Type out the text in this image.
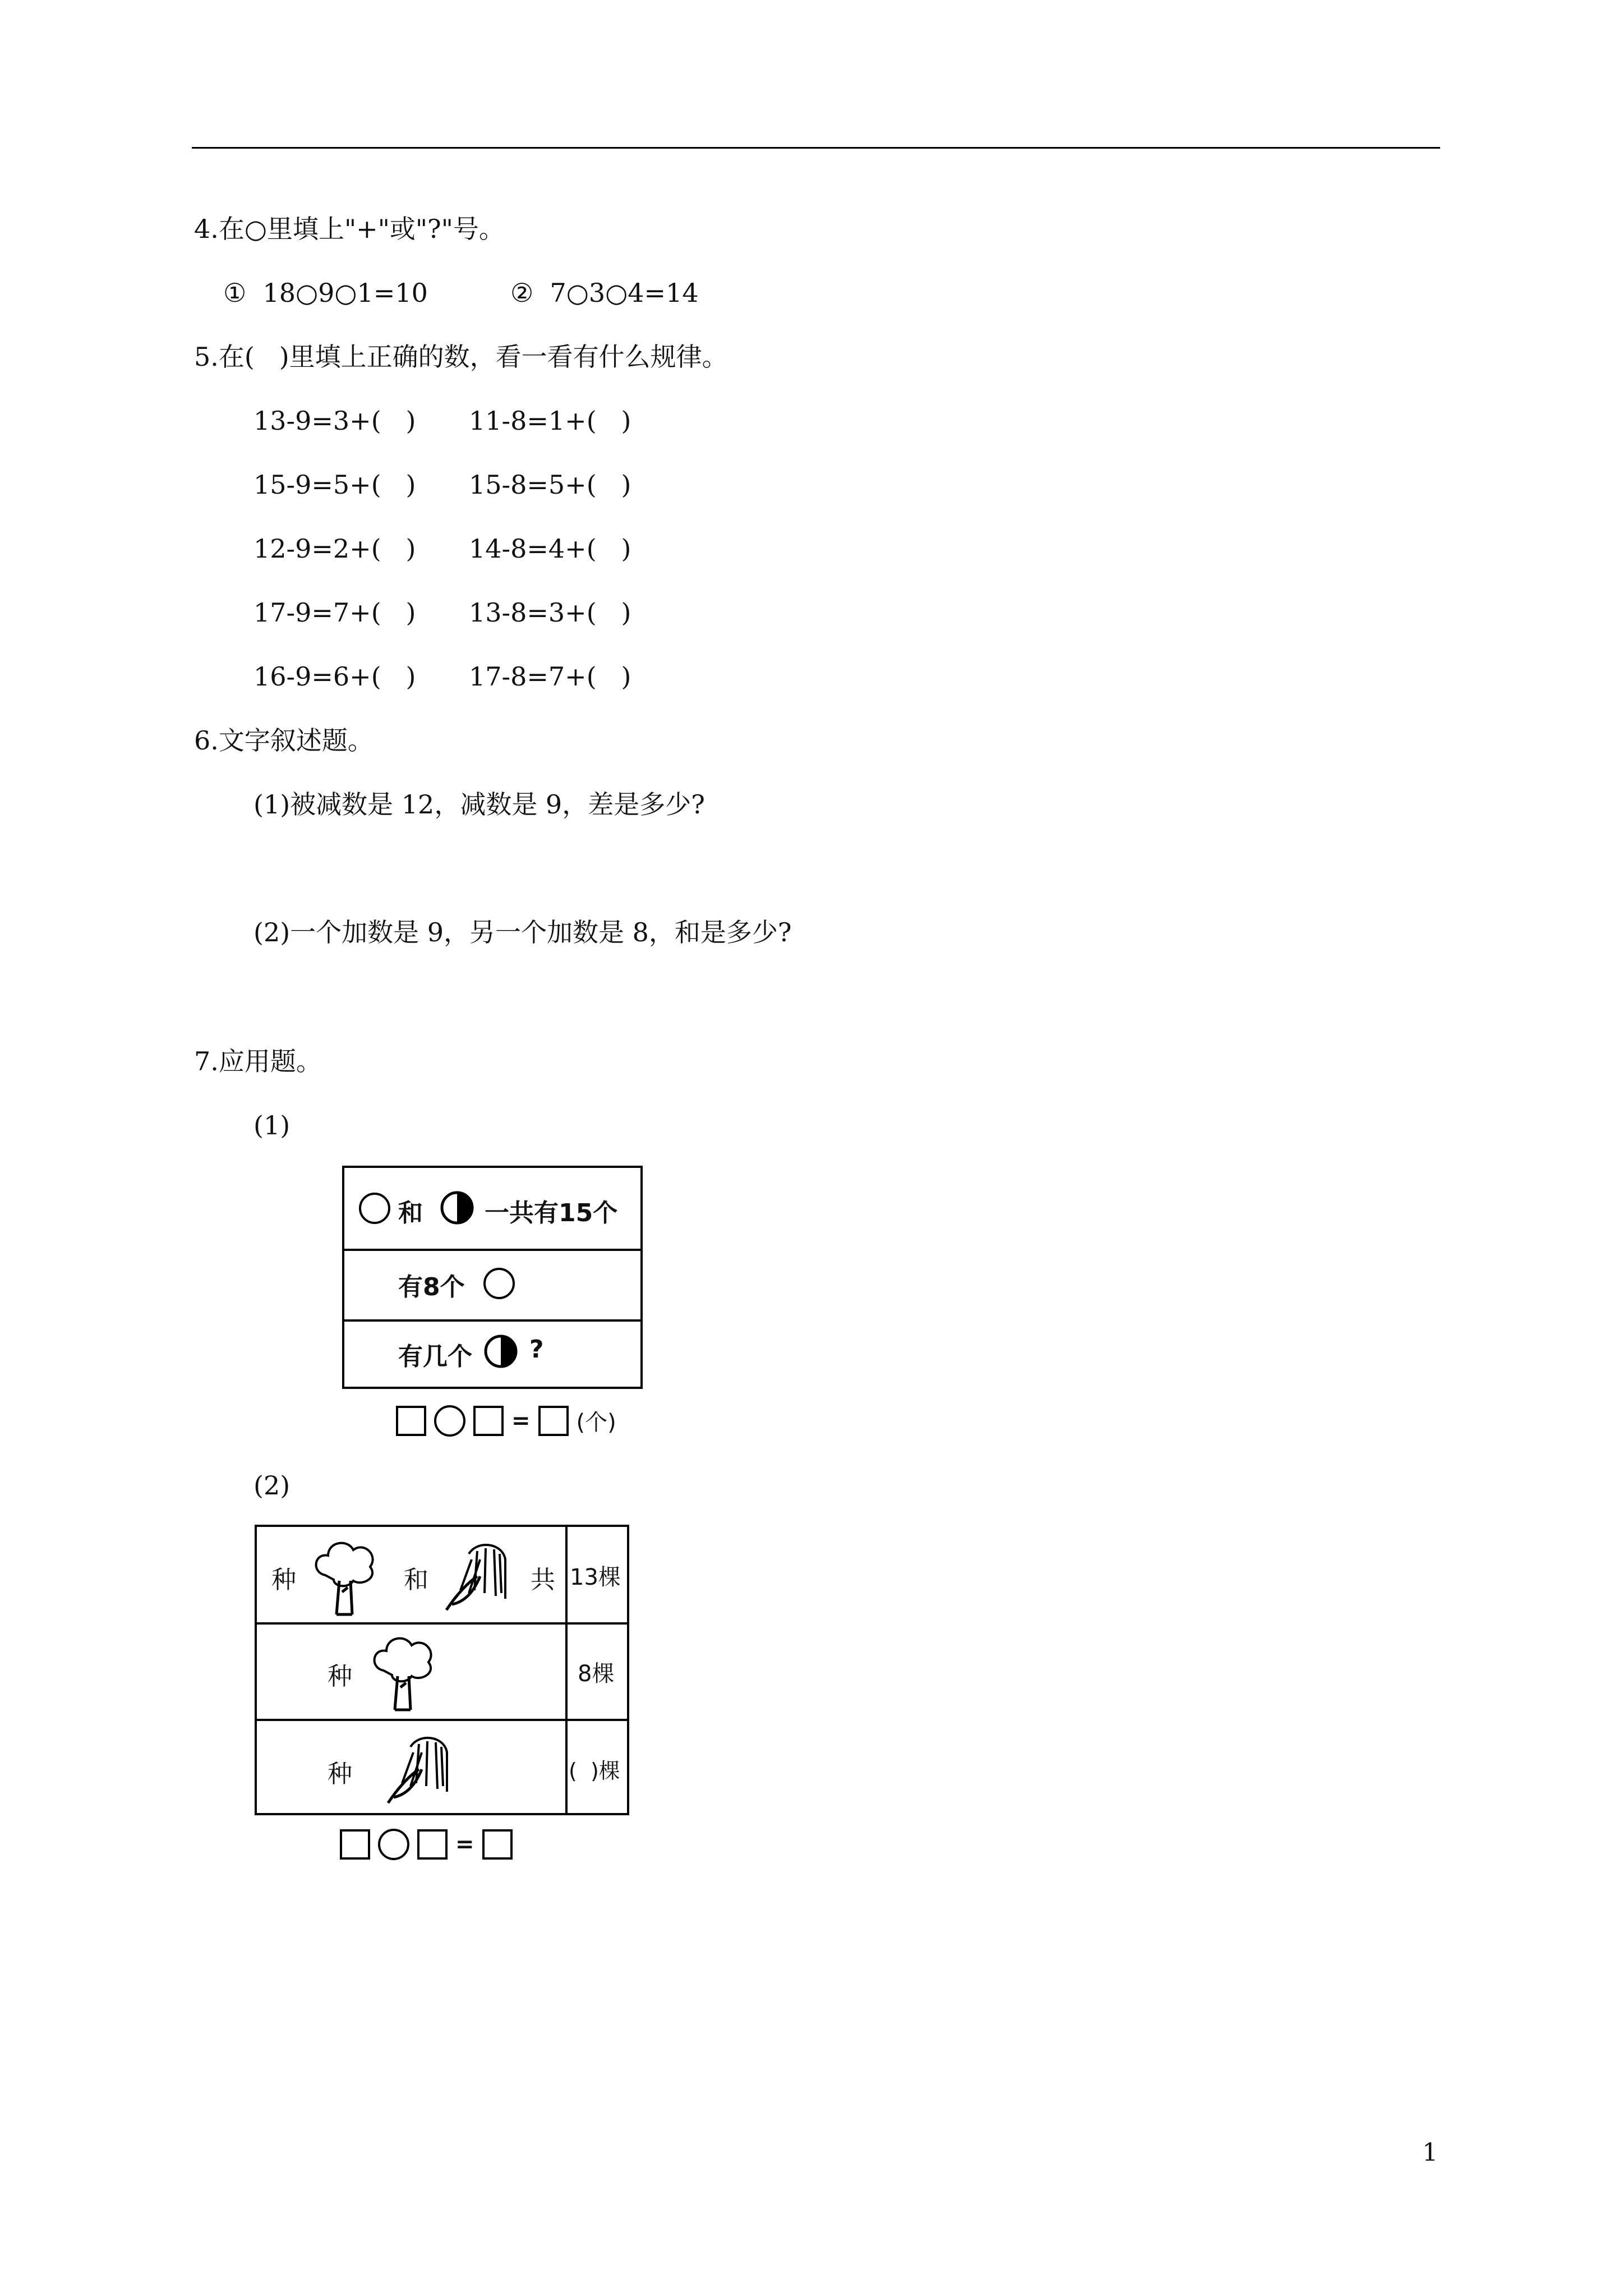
4.在○里填上"+"或"?"号。
①  18○9○1=10	②  7○3○4=14
5.在(   )里填上正确的数，看一看有什么规律。
13-9=3+(   ) 11-8=1+(   )
15-9=5+(   ) 15-8=5+(   )
12-9=2+(   ) 14-8=4+(   )
17-9=7+(   ) 13-8=3+(   )
16-9=6+(   ) 17-8=7+(   )
6.文字叙述题。
(1)被减数是 12，减数是 9，差是多少?
(2)一个加数是 9，另一个加数是 8，和是多少?
7.应用题。
(1)
和	一共有15个
有8个
有几个 ?
= (个)
(2)
种	和	共 13棵
种	8棵
种	(  )棵
=
1
